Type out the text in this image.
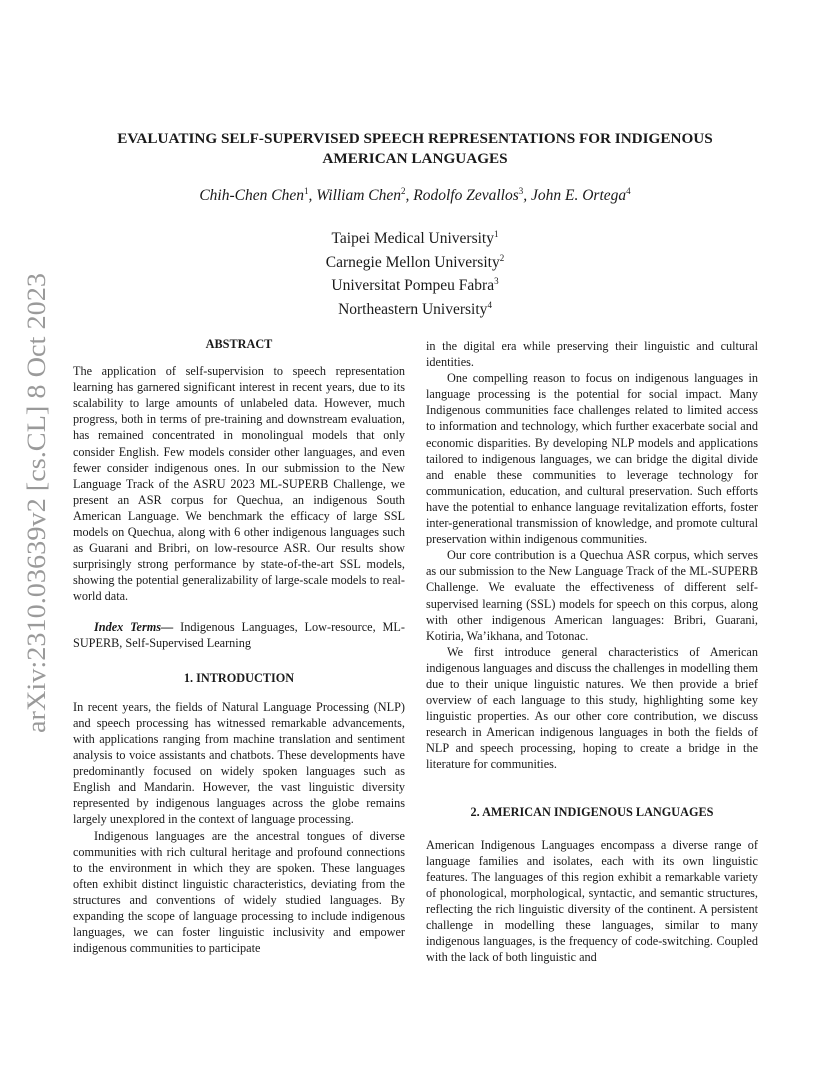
arXiv:2310.03639v2 [cs.CL] 8 Oct 2023
EVALUATING SELF-SUPERVISED SPEECH REPRESENTATIONS FOR INDIGENOUS
AMERICAN LANGUAGES
Chih-Chen Chen$^1$, William Chen$^2$, Rodolfo Zevallos$^3$, John E. Ortega$^4$
Taipei Medical University$^1$
Carnegie Mellon University$^2$
Universitat Pompeu Fabra$^3$
Northeastern University$^4$
ABSTRACT

The application of self-supervision to speech representation learning has garnered significant interest in recent years, due to its scalability to large amounts of unlabeled data. However, much progress, both in terms of pre-training and downstream evaluation, has remained concentrated in monolingual models that only consider English. Few models consider other languages, and even fewer consider indigenous ones. In our submission to the New Language Track of the ASRU 2023 ML-SUPERB Challenge, we present an ASR corpus for Quechua, an indigenous South American Language. We benchmark the efficacy of large SSL models on Quechua, along with 6 other indigenous languages such as Guarani and Bribri, on low-resource ASR. Our results show surprisingly strong performance by state-of-the-art SSL models, showing the potential generalizability of large-scale models to real-world data.

Index Terms— Indigenous Languages, Low-resource, ML-SUPERB, Self-Supervised Learning

1. INTRODUCTION

In recent years, the fields of Natural Language Processing (NLP) and speech processing has witnessed remarkable advancements, with applications ranging from machine translation and sentiment analysis to voice assistants and chatbots. These developments have predominantly focused on widely spoken languages such as English and Mandarin. However, the vast linguistic diversity represented by indigenous languages across the globe remains largely unexplored in the context of language processing.

Indigenous languages are the ancestral tongues of diverse communities with rich cultural heritage and profound connections to the environment in which they are spoken. These languages often exhibit distinct linguistic characteristics, deviating from the structures and conventions of widely studied languages. By expanding the scope of language processing to include indigenous languages, we can foster linguistic inclusivity and empower indigenous communities to participate

in the digital era while preserving their linguistic and cultural identities.

One compelling reason to focus on indigenous languages in language processing is the potential for social impact. Many Indigenous communities face challenges related to limited access to information and technology, which further exacerbate social and economic disparities. By developing NLP models and applications tailored to indigenous languages, we can bridge the digital divide and enable these communities to leverage technology for communication, education, and cultural preservation. Such efforts have the potential to enhance language revitalization efforts, foster inter-generational transmission of knowledge, and promote cultural preservation within indigenous communities.

Our core contribution is a Quechua ASR corpus, which serves as our submission to the New Language Track of the ML-SUPERB Challenge. We evaluate the effectiveness of different self-supervised learning (SSL) models for speech on this corpus, along with other indigenous American languages: Bribri, Guarani, Kotiria, Wa’ikhana, and Totonac.

We first introduce general characteristics of American indigenous languages and discuss the challenges in modelling them due to their unique linguistic natures. We then provide a brief overview of each language to this study, highlighting some key linguistic properties. As our other core contribution, we discuss research in American indigenous languages in both the fields of NLP and speech processing, hoping to create a bridge in the literature for communities.

2. AMERICAN INDIGENOUS LANGUAGES

American Indigenous Languages encompass a diverse range of language families and isolates, each with its own linguistic features. The languages of this region exhibit a remarkable variety of phonological, morphological, syntactic, and semantic structures, reflecting the rich linguistic diversity of the continent. A persistent challenge in modelling these languages, similar to many indigenous languages, is the frequency of code-switching. Coupled with the lack of both linguistic and
